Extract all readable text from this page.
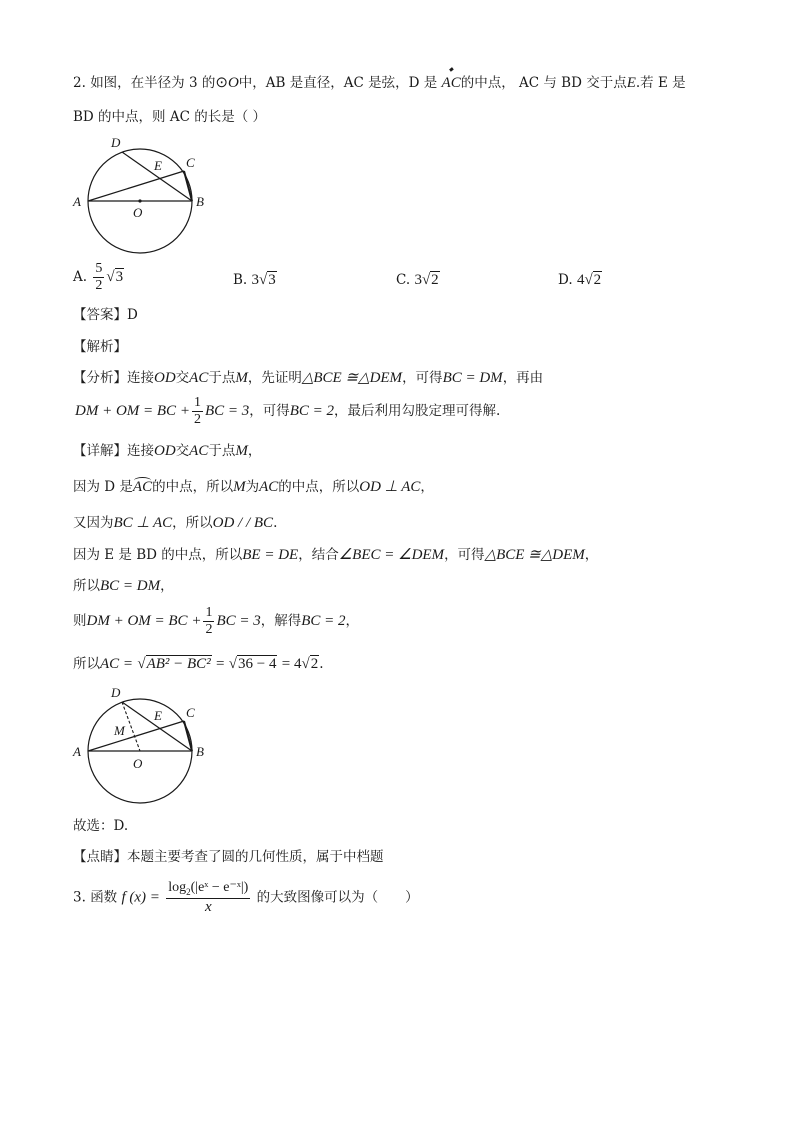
2. 如图，在半径为 3 的⊙O中，AB 是直径，AC 是弦，D 是 ◆ AC的中点， AC 与 BD 交于点E.若 E 是
BD 的中点，则 AC 的长是（ ）
D
C
E
A
O
B
A. $\frac{5}{2} √3$	B. 3√3	C. 3√2	D. 4√2
【答案】D
【解析】
【分析】连接OD交AC于点M，先证明△BCE ≅△DEM，可得BC = DM，再由
DM + OM = BC + $\frac{1}{2}$ BC = 3，可得BC = 2，最后利用勾股定理可得解.
【详解】连接OD交AC于点M，
因为 D 是AC的中点，所以M为AC的中点，所以OD ⊥ AC，
又因为BC ⊥ AC，所以OD / / BC.
因为 E 是 BD 的中点，所以BE = DE，结合∠BEC = ∠DEM，可得△BCE ≅△DEM，
所以BC = DM，
则DM + OM = BC + $\frac{1}{2}$ BC = 3，解得BC = 2，
所以AC = √AB² − BC² = √36 − 4 = 4√2.
D
C
E
M
A
O
B
故选：D.
【点睛】本题主要考查了圆的几何性质，属于中档题
3. 函数 f $(x) = \frac{\log_2(|eˣ - e^-ˣ|)}{x}$ 的大致图像可以为（　　）
